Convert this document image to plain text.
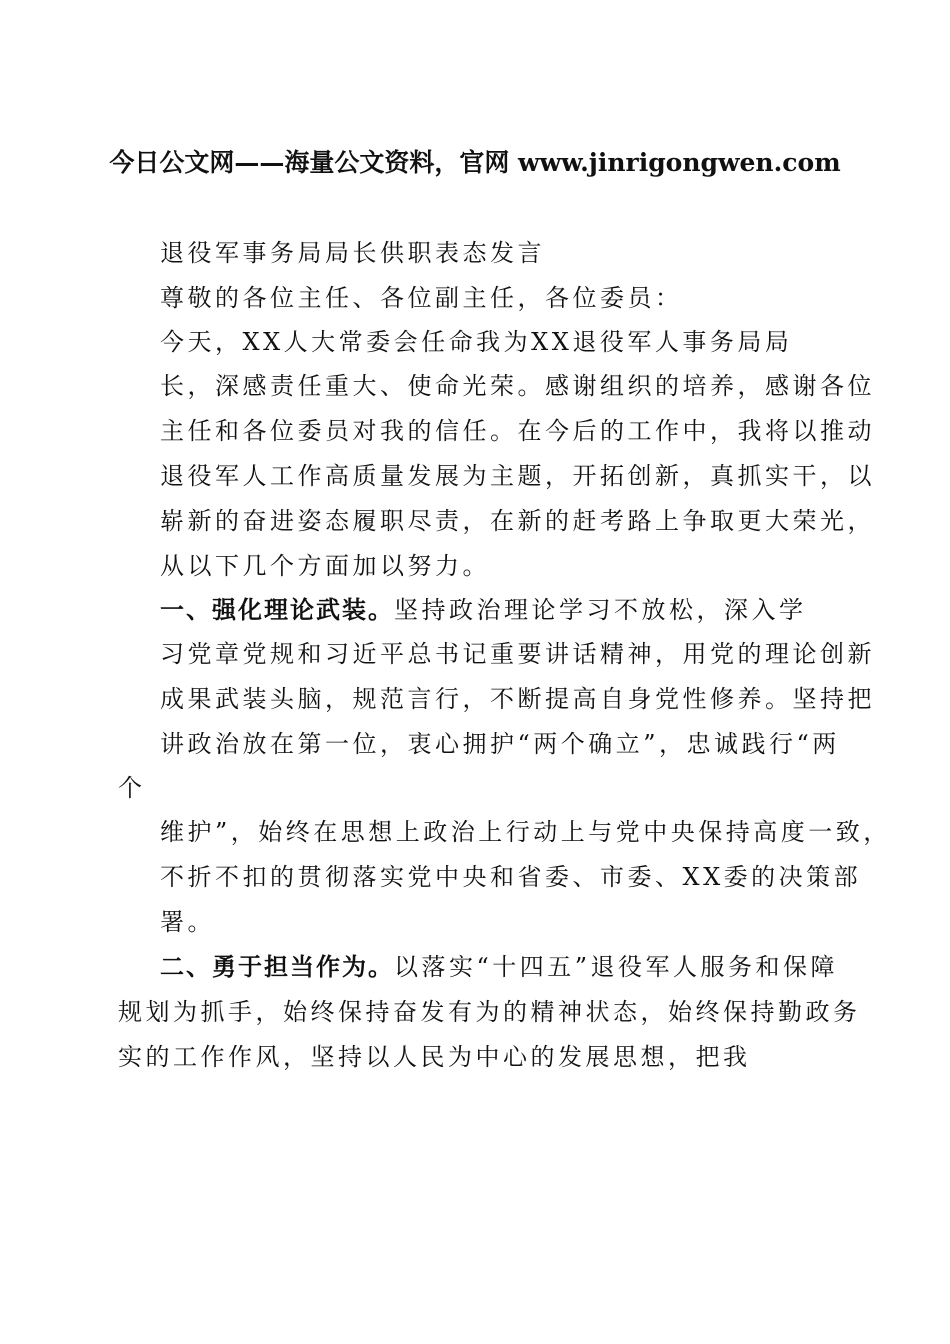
今日公文网——海量公文资料，官网 www.jinrigongwen.com
退役军事务局局长供职表态发言
尊敬的各位主任、各位副主任，各位委员：
今天，XX人大常委会任命我为XX退役军人事务局局
长，深感责任重大、使命光荣。感谢组织的培养，感谢各位
主任和各位委员对我的信任。在今后的工作中，我将以推动
退役军人工作高质量发展为主题，开拓创新，真抓实干，以
崭新的奋进姿态履职尽责，在新的赶考路上争取更大荣光，
从以下几个方面加以努力。
一、强化理论武装。坚持政治理论学习不放松，深入学
习党章党规和习近平总书记重要讲话精神，用党的理论创新
成果武装头脑，规范言行，不断提高自身党性修养。坚持把
讲政治放在第一位，衷心拥护“两个确立”，忠诚践行“两
个
维护”，始终在思想上政治上行动上与党中央保持高度一致，
不折不扣的贯彻落实党中央和省委、市委、XX委的决策部
署。
二、勇于担当作为。以落实“十四五”退役军人服务和保障
规划为抓手，始终保持奋发有为的精神状态，始终保持勤政务
实的工作作风，坚持以人民为中心的发展思想，把我
